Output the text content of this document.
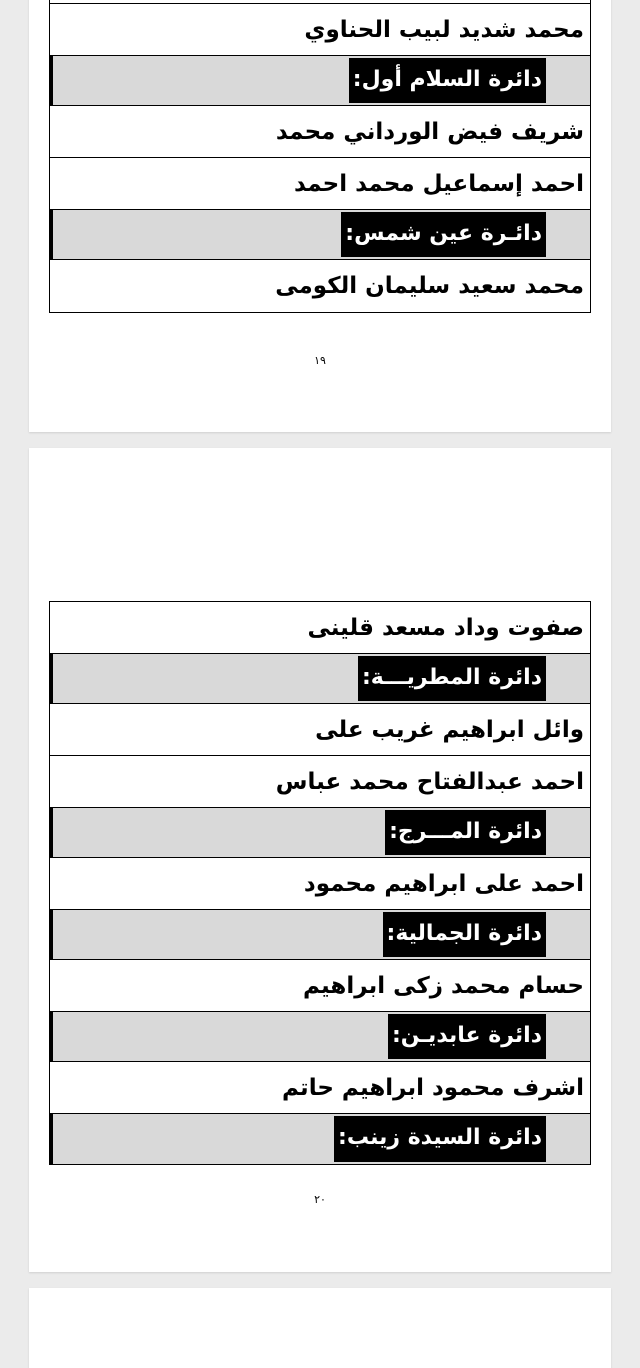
محمد شديد لبيب الحناوي
دائرة السلام أول:
شريف فيض الورداني محمد
احمد إسماعيل محمد احمد
دائـرة عين شمس:
محمد سعيد سليمان الكومى
١٩
صفوت وداد مسعد قلينى
دائرة المطريـــة:
وائل ابراهيم غريب على
احمد عبدالفتاح محمد عباس
دائرة المـــرج:
احمد على ابراهيم محمود
دائرة الجمالية:
حسام محمد زكى ابراهيم
دائرة عابديـن:
اشرف محمود ابراهيم حاتم
دائرة السيدة زينب:
٢٠
